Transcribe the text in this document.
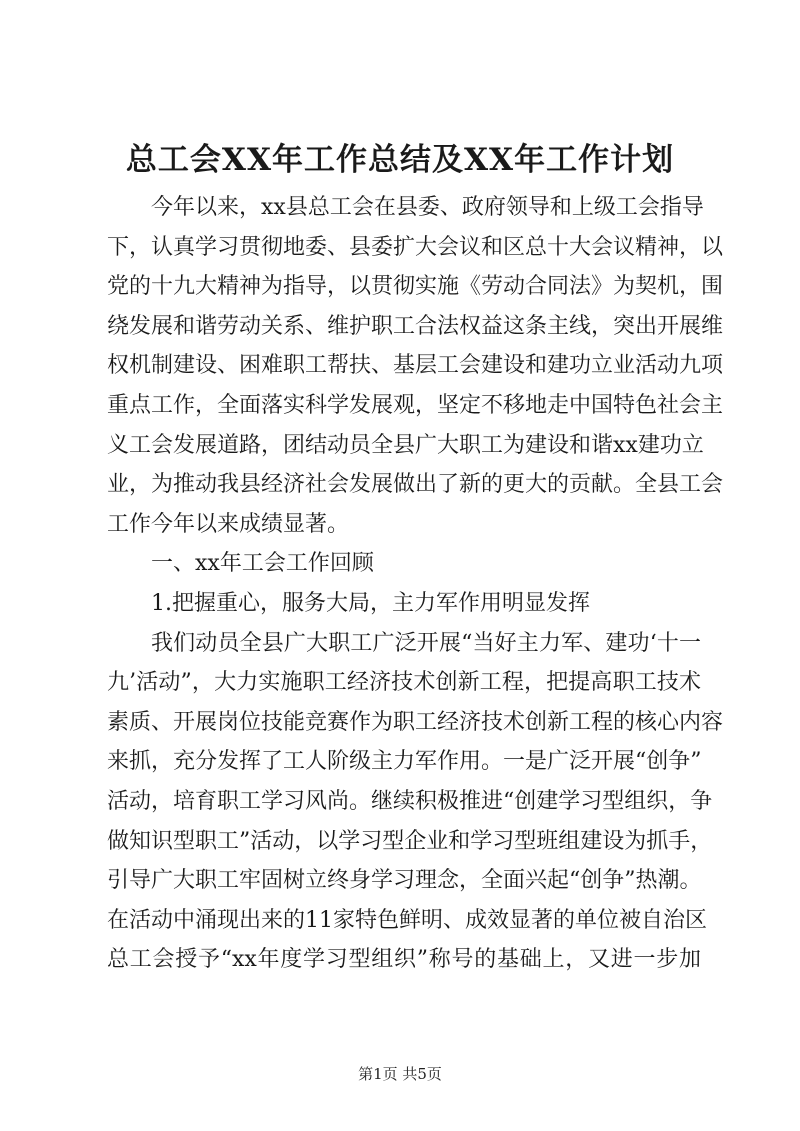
总工会XX年工作总结及XX年工作计划
今年以来，xx县总工会在县委、政府领导和上级工会指导
下，认真学习贯彻地委、县委扩大会议和区总十大会议精神，以
党的十九大精神为指导，以贯彻实施《劳动合同法》为契机，围
绕发展和谐劳动关系、维护职工合法权益这条主线，突出开展维
权机制建设、困难职工帮扶、基层工会建设和建功立业活动九项
重点工作，全面落实科学发展观，坚定不移地走中国特色社会主
义工会发展道路，团结动员全县广大职工为建设和谐xx建功立
业，为推动我县经济社会发展做出了新的更大的贡献。全县工会
工作今年以来成绩显著。
一、xx年工会工作回顾
1.把握重心，服务大局，主力军作用明显发挥
我们动员全县广大职工广泛开展“当好主力军、建功‘十一
九’活动”，大力实施职工经济技术创新工程，把提高职工技术
素质、开展岗位技能竞赛作为职工经济技术创新工程的核心内容
来抓，充分发挥了工人阶级主力军作用。一是广泛开展“创争”
活动，培育职工学习风尚。继续积极推进“创建学习型组织，争
做知识型职工”活动，以学习型企业和学习型班组建设为抓手，
引导广大职工牢固树立终身学习理念，全面兴起“创争”热潮。
在活动中涌现出来的11家特色鲜明、成效显著的单位被自治区
总工会授予“xx年度学习型组织”称号的基础上，又进一步加
第1页 共5页
